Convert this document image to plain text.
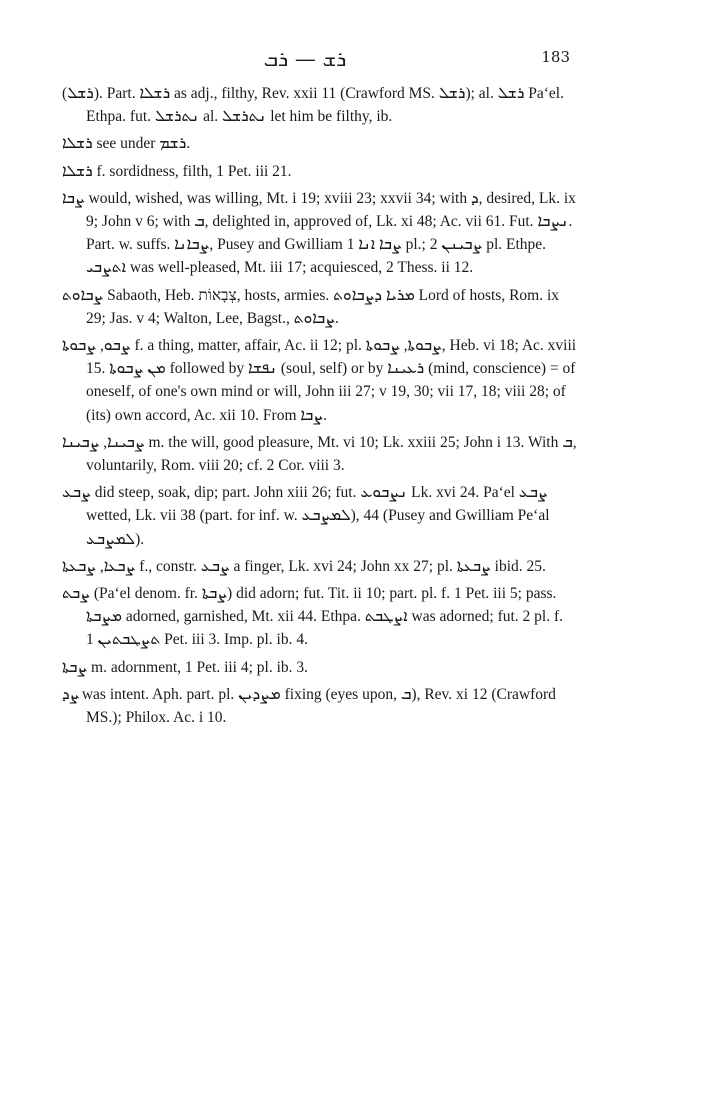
ܪܫ — ܪܒ	183

(ܪܫܠ). Part. ܪܫܠܐ as adj., filthy, Rev. xxii 11 (Crawford MS. ܪܫܠ); al. ܪܫܠ Pa‘el. Ethpa. fut. ܢܬܪܫܠ al. ܢܬܪܫܠ let him be filthy, ib.

ܪܫܠܐ see under ܪܫܡ.

ܪܫܠܐ f. sordidness, filth, 1 Pet. iii 21.

ܨܒܐ would, wished, was willing, Mt. i 19; xviii 23; xxvii 34; with ܕ, desired, Lk. ix 9; John v 6; with ܒ, delighted in, approved of, Lk. xi 48; Ac. vii 61. Fut. ܢܨܒܐ. Part. w. suffs. ܨܒܐܢܐ, Pusey and Gwilliam ܨܒܐ ܐܢܐ 1 pl.; ܨܒܝܢܢ 2 pl. Ethpe. ܐܬܨܒܝ was well-pleased, Mt. iii 17; acquiesced, 2 Thess. ii 12.

ܨܒܐܘܬ Sabaoth, Heb. צְבָאוֹת, hosts, armies. ܡܪܝܐ ܕܨܒܐܘܬ Lord of hosts, Rom. ix 29; Jas. v 4; Walton, Lee, Bagst., ܨܒܐܘܬ.

ܨܒܘ, ܨܒܘܬܐ f. a thing, matter, affair, Ac. ii 12; pl. ܨܒܘܬܐ, ܨܒܘܬܐ, Heb. vi 18; Ac. xviii 15. ܡܢ ܨܒܘܬܐ followed by ܢܦܫܐ (soul, self) or by ܪܥܝܢܐ (mind, conscience) = of oneself, of one's own mind or will, John iii 27; v 19, 30; vii 17, 18; viii 28; of (its) own accord, Ac. xii 10. From ܨܒܐ.

ܨܒܝܢܐ, ܨܒܝܢܐ m. the will, good pleasure, Mt. vi 10; Lk. xxiii 25; John i 13. With ܒ, voluntarily, Rom. viii 20; cf. 2 Cor. viii 3.

ܨܒܥ did steep, soak, dip; part. John xiii 26; fut. ܢܨܒܘܥ Lk. xvi 24. Pa‘el ܨܒܥ wetted, Lk. vii 38 (part. for inf. w. ܠܡܨܒܥ), 44 (Pusey and Gwilliam Pe‘al ܠܡܨܒܥ).

ܨܒܥܐ, ܨܒܥܬܐ f., constr. ܨܒܥ a finger, Lk. xvi 24; John xx 27; pl. ܨܒܥܬܐ ibid. 25.

ܨܒܬ (Pa‘el denom. fr. ܨܒܬܐ) did adorn; fut. Tit. ii 10; part. pl. f. 1 Pet. iii 5; pass. ܡܨܒܬܐ adorned, garnished, Mt. xii 44. Ethpa. ܐܨܛܒܬ was adorned; fut. 2 pl. f. ܬܨܛܒܬܝܢ 1 Pet. iii 3. Imp. pl. ib. 4.

ܨܒܬܐ m. adornment, 1 Pet. iii 4; pl. ib. 3.

ܨܕ was intent. Aph. part. pl. ܡܨܕܝܢ fixing (eyes upon, ܒ), Rev. xi 12 (Crawford MS.); Philox. Ac. i 10.
